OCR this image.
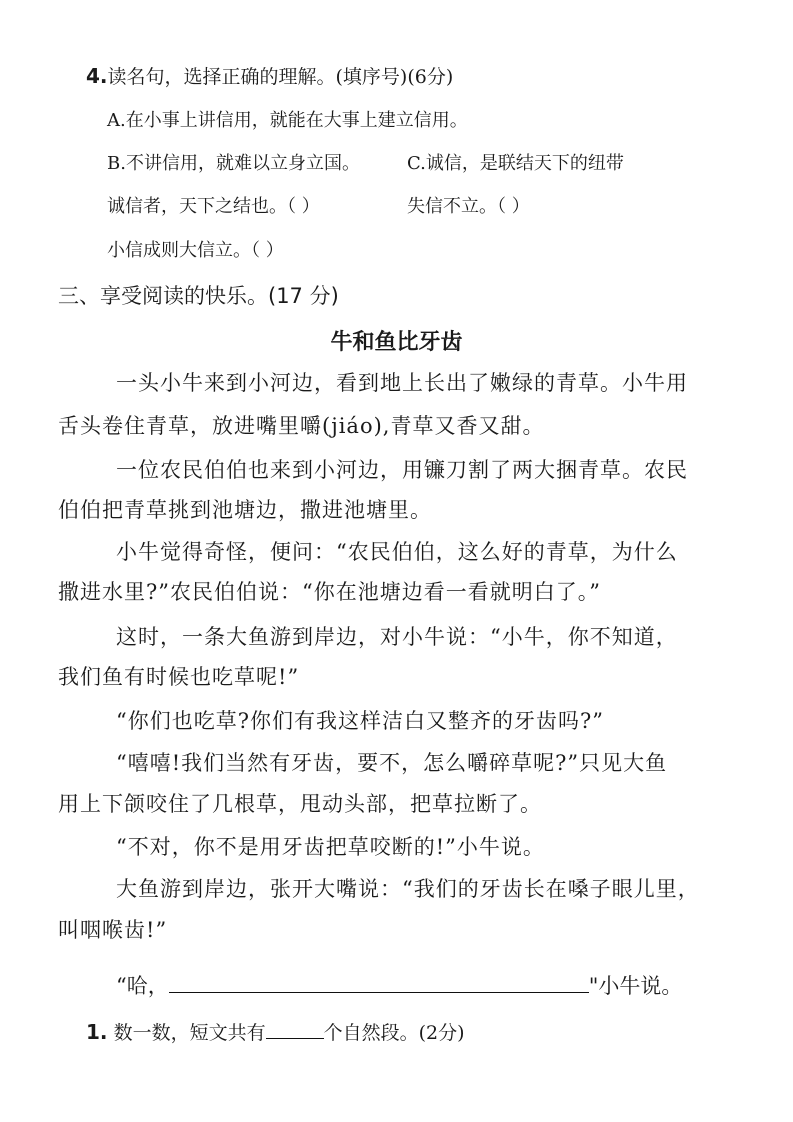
4.读名句，选择正确的理解。(填序号)(6分)
A.在小事上讲信用，就能在大事上建立信用。
B.不讲信用，就难以立身立国。	C.诚信，是联结天下的纽带
诚信者，天下之结也。（ ）	失信不立。（ ）
小信成则大信立。（ ）
三、享受阅读的快乐。(17 分)
牛和鱼比牙齿
一头小牛来到小河边，看到地上长出了嫩绿的青草。小牛用
舌头卷住青草，放进嘴里嚼(jiáo),青草又香又甜。
一位农民伯伯也来到小河边，用镰刀割了两大捆青草。农民
伯伯把青草挑到池塘边，撒进池塘里。
小牛觉得奇怪，便问：“农民伯伯，这么好的青草，为什么
撒进水里?”农民伯伯说：“你在池塘边看一看就明白了。”
这时，一条大鱼游到岸边，对小牛说：“小牛，你不知道，
我们鱼有时候也吃草呢!”
“你们也吃草?你们有我这样洁白又整齐的牙齿吗?”
“嘻嘻!我们当然有牙齿，要不，怎么嚼碎草呢?”只见大鱼
用上下颌咬住了几根草，甩动头部，把草拉断了。
“不对，你不是用牙齿把草咬断的!”小牛说。
大鱼游到岸边，张开大嘴说：“我们的牙齿长在嗓子眼儿里，
叫咽喉齿!”
“哈，	"小牛说。
1. 数一数，短文共有	个自然段。(2分)
